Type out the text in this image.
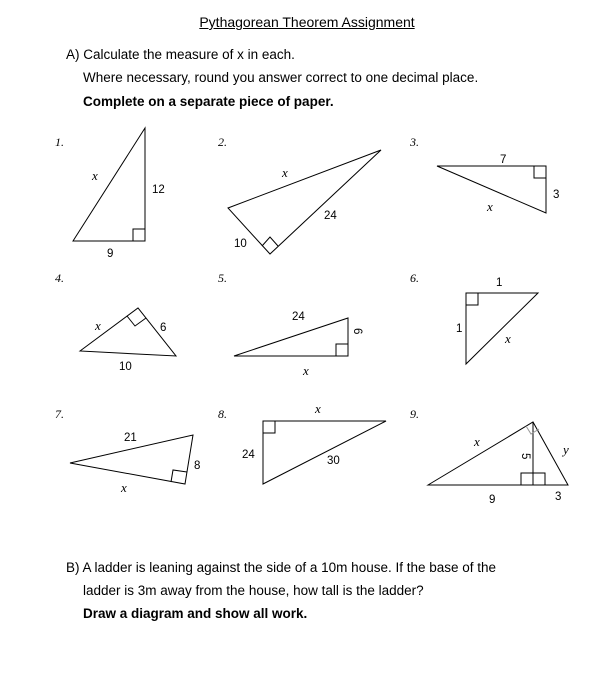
Pythagorean Theorem Assignment
A) Calculate the measure of x in each.
Where necessary, round you answer correct to one decimal place.
Complete on a separate piece of paper.
1.	2.	3.
4.	5.	6.
7.	8.	9.
x
12
9
x
24
10
7
3
x
x	6
10
24
6
x
1
1
x
21
8
x
x
24	30
x
y
5
9	3
B) A ladder is leaning against the side of a 10m house. If the base of the
ladder is 3m away from the house, how tall is the ladder?
Draw a diagram and show all work.
